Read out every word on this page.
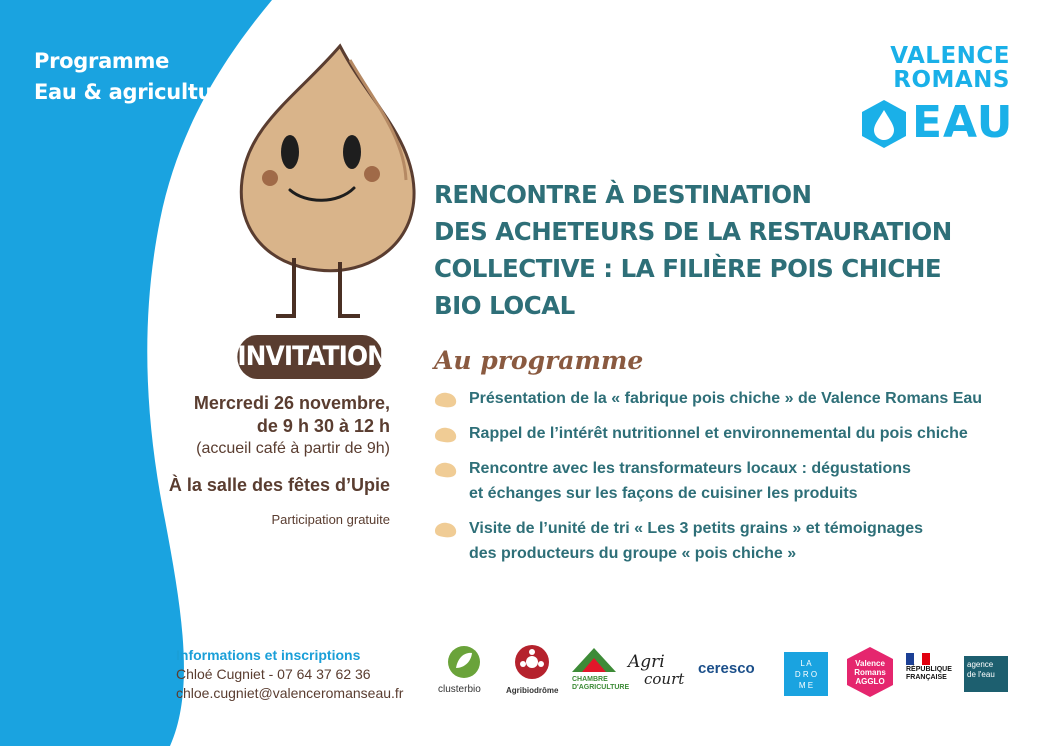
Programme
Eau & agriculture
INVITATION
Mercredi 26 novembre,
de 9 h 30 à 12 h
(accueil café à partir de 9h)
À la salle des fêtes d’Upie
Participation gratuite
VALENCE
ROMANS
EAU
RENCONTRE À DESTINATION
DES ACHETEURS DE LA RESTAURATION
COLLECTIVE : LA FILIÈRE POIS CHICHE
BIO LOCAL
Au programme
Présentation de la « fabrique pois chiche » de Valence Romans Eau
Rappel de l’intérêt nutritionnel et environnemental du pois chiche
Rencontre avec les transformateurs locaux : dégustations
et échanges sur les façons de cuisiner les produits
Visite de l’unité de tri « Les 3 petits grains » et témoignages
des producteurs du groupe « pois chiche »
Informations et inscriptions
Chloé Cugniet - 07 64 37 62 36
chloe.cugniet@valenceromanseau.fr	clusterbio	Agribiodrôme
CHAMBRE
D'AGRICULTURE
Agri
court
ceresco	L A
D R O
M E
Valence
Romans
AGGLO
RÉPUBLIQUE
FRANÇAISE
agence
de l'eau
